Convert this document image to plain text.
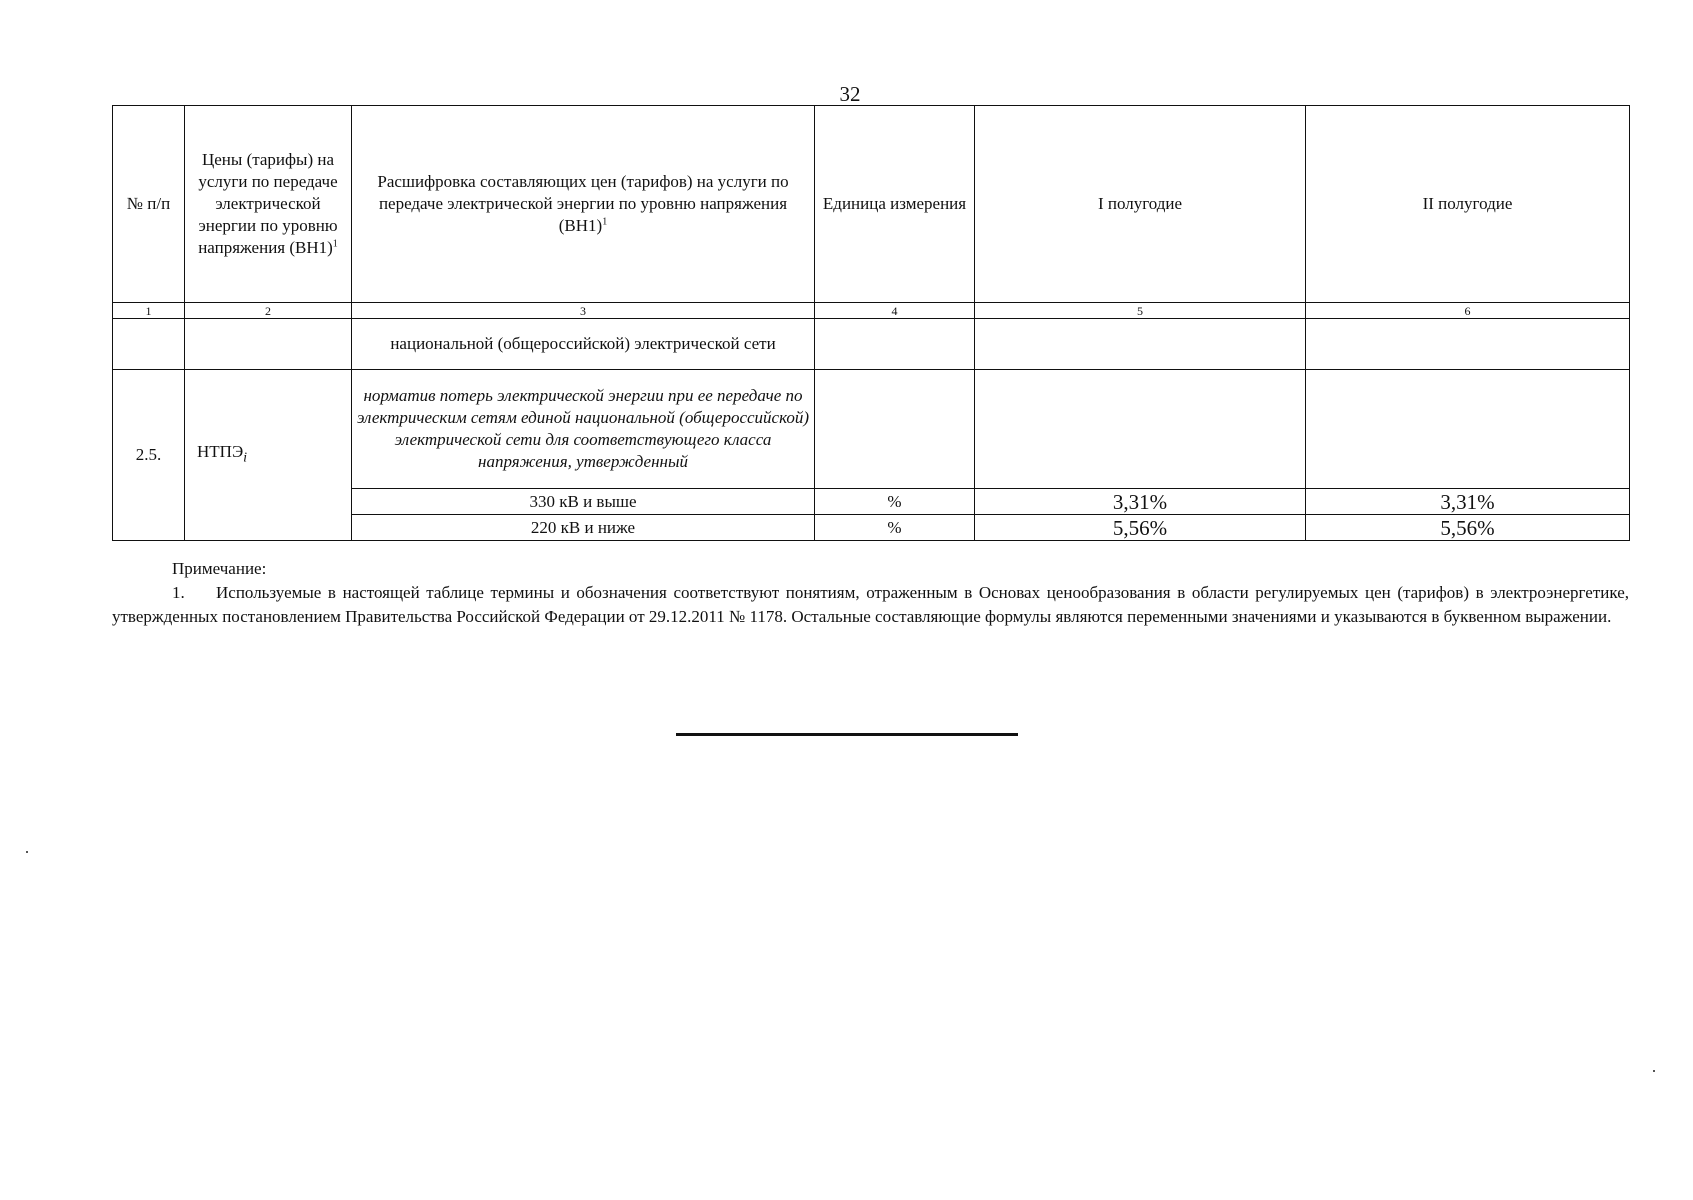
32
№ п/п	Цены (тарифы) на услуги по передаче электрической энергии по уровню напряжения $(ВН1)^1$	Расшифровка составляющих цен (тарифов) на услуги по передаче электрической энергии по уровню напряжения $(ВН1)^1$	Единица измерения	I полугодие	II полугодие
1	2	3	4	5	6
		национальной (общероссийской) электрической сети			
2.5.	$НТПЭ_i$	норматив потерь электрической энергии при ее передаче по электрическим сетям единой национальной (общероссийской) электрической сети для соответствующего класса напряжения, утвержденный			
		330 кВ и выше	%	3,31%	3,31%
		220 кВ и ниже	%	5,56%	5,56%
Примечание:
1. Используемые в настоящей таблице термины и обозначения соответствуют понятиям, отраженным в Основах ценообразования в области регулируемых цен (тарифов) в электроэнергетике, утвержденных постановлением Правительства Российской Федерации от 29.12.2011 № 1178. Остальные составляющие формулы являются переменными значениями и указываются в буквенном выражении.
